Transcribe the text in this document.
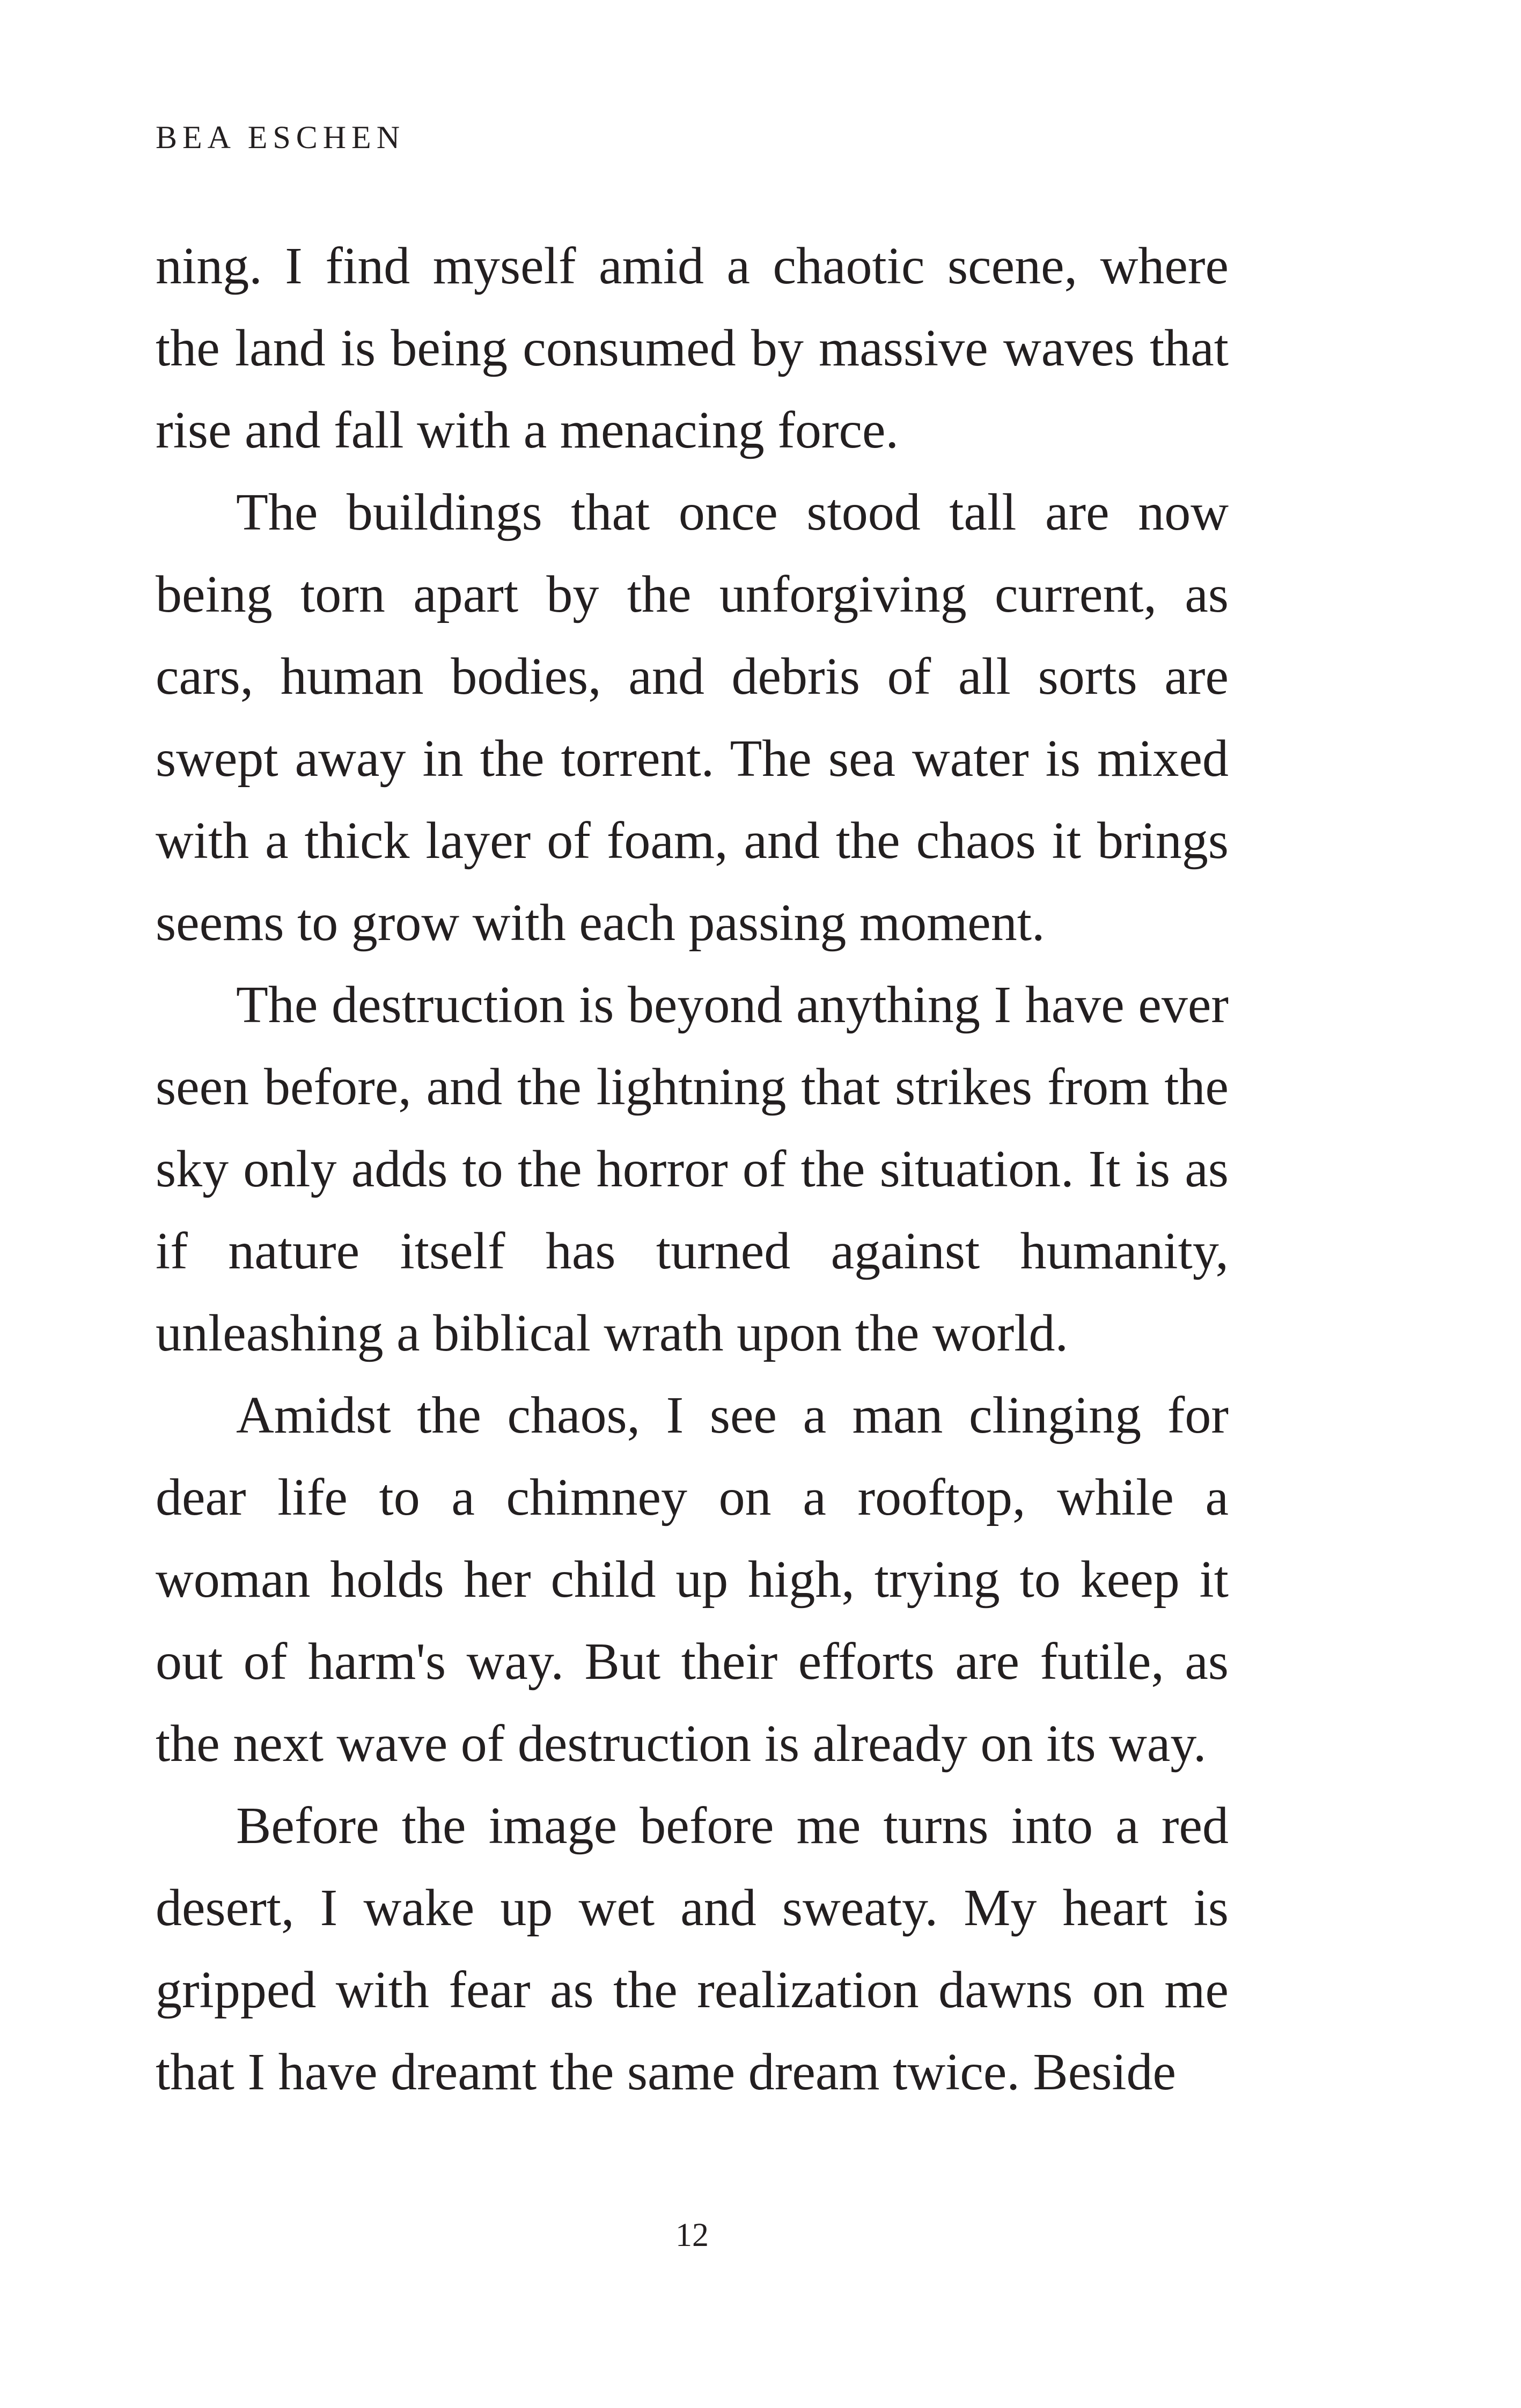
BEA ESCHEN

ning. I find myself amid a chaotic scene, where the land is being consumed by massive waves that rise and fall with a menacing force.

The buildings that once stood tall are now being torn apart by the unforgiving current, as cars, human bodies, and debris of all sorts are swept away in the torrent. The sea water is mixed with a thick layer of foam, and the chaos it brings seems to grow with each passing moment.

The destruction is beyond anything I have ever seen before, and the lightning that strikes from the sky only adds to the horror of the situation. It is as if nature itself has turned against humanity, unleashing a biblical wrath upon the world.

Amidst the chaos, I see a man clinging for dear life to a chimney on a rooftop, while a woman holds her child up high, trying to keep it out of harm's way. But their efforts are futile, as the next wave of destruction is already on its way.

Before the image before me turns into a red desert, I wake up wet and sweaty. My heart is gripped with fear as the realization dawns on me that I have dreamt the same dream twice. Beside

12
